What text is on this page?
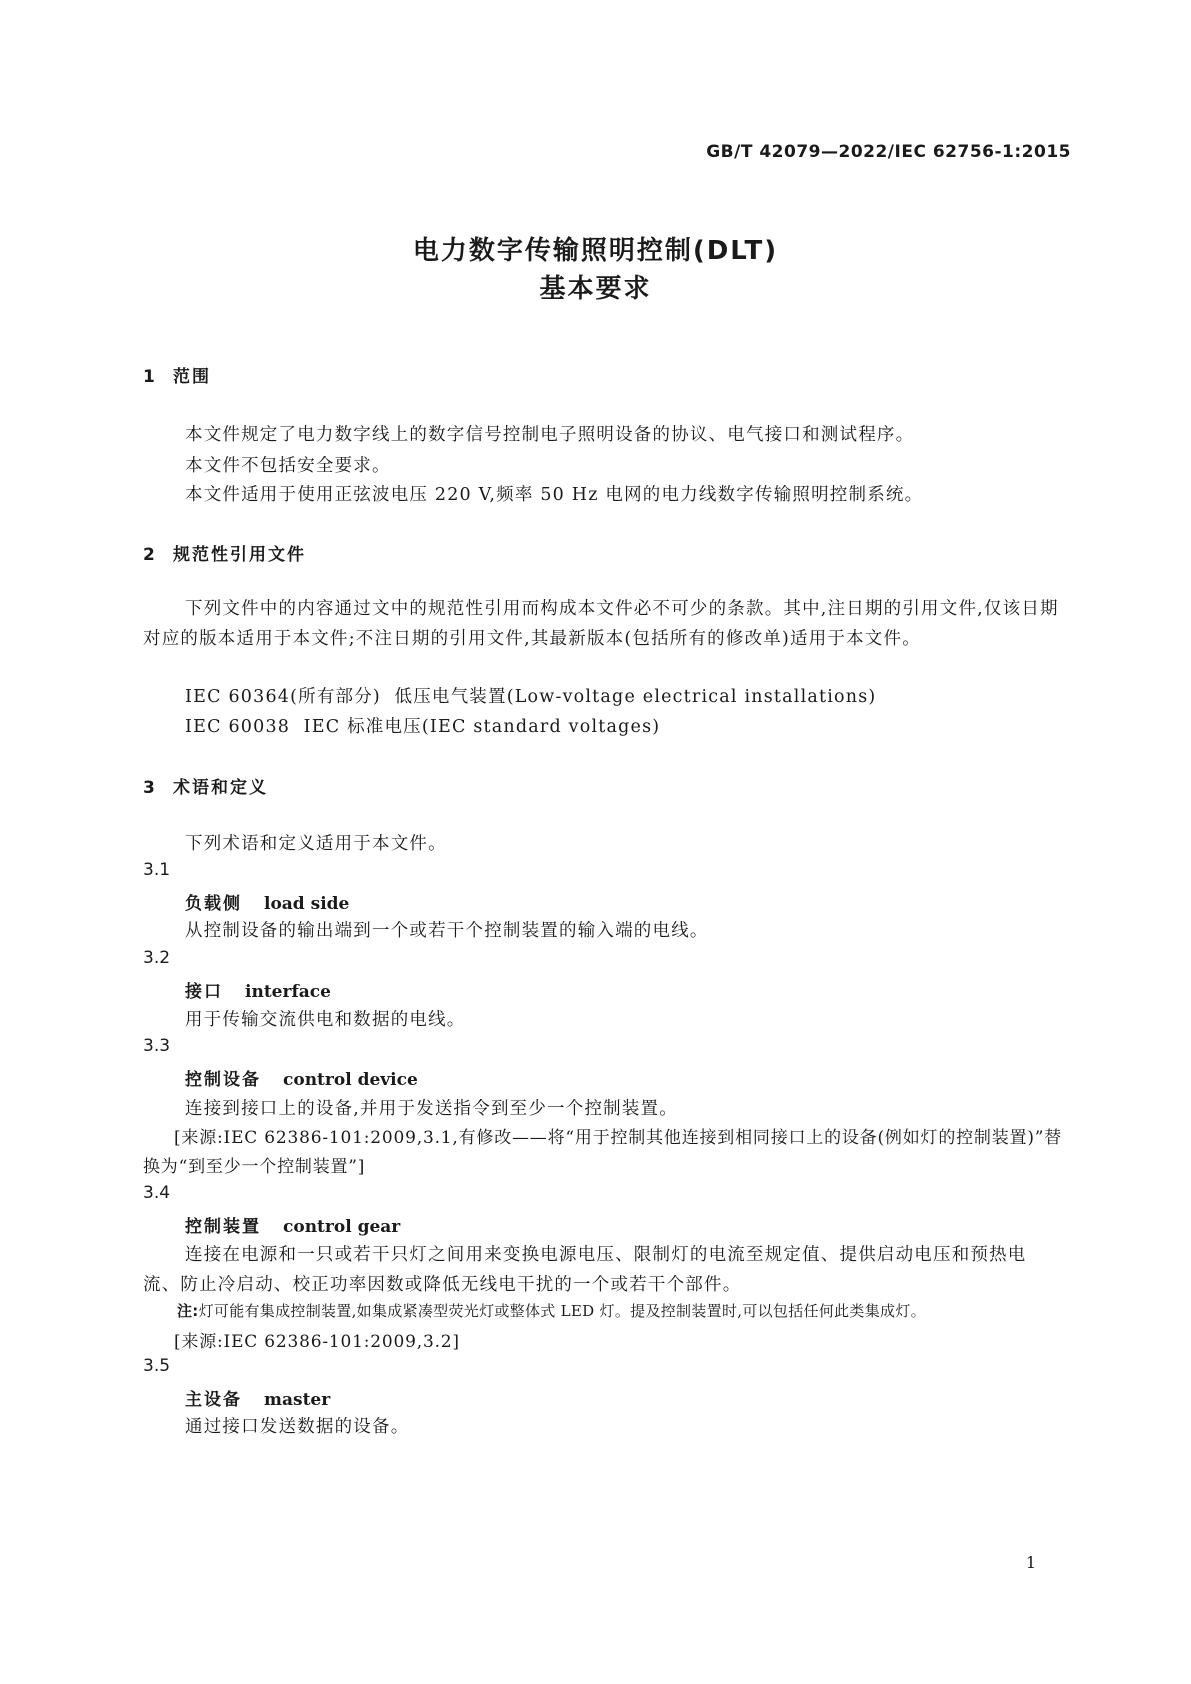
GB/T 42079—2022/IEC 62756-1:2015
电力数字传输照明控制(DLT)
基本要求
1 范围
本文件规定了电力数字线上的数字信号控制电子照明设备的协议、电气接口和测试程序。
本文件不包括安全要求。
本文件适用于使用正弦波电压 220 V,频率 50 Hz 电网的电力线数字传输照明控制系统。
2 规范性引用文件
下列文件中的内容通过文中的规范性引用而构成本文件必不可少的条款。其中,注日期的引用文件,仅该日期对应的版本适用于本文件;不注日期的引用文件,其最新版本(包括所有的修改单)适用于本文件。
IEC 60364(所有部分)  低压电气装置(Low-voltage electrical installations)
IEC 60038  IEC 标准电压(IEC standard voltages)
3 术语和定义
下列术语和定义适用于本文件。
3.1
负载侧 load side
从控制设备的输出端到一个或若干个控制装置的输入端的电线。
3.2
接口 interface
用于传输交流供电和数据的电线。
3.3
控制设备 control device
连接到接口上的设备,并用于发送指令到至少一个控制装置。
[来源:IEC 62386-101:2009,3.1,有修改——将“用于控制其他连接到相同接口上的设备(例如灯的控制装置)”替换为“到至少一个控制装置”]
3.4
控制装置 control gear
连接在电源和一只或若干只灯之间用来变换电源电压、限制灯的电流至规定值、提供启动电压和预热电流、防止冷启动、校正功率因数或降低无线电干扰的一个或若干个部件。
注:灯可能有集成控制装置,如集成紧凑型荧光灯或整体式 LED 灯。提及控制装置时,可以包括任何此类集成灯。
[来源:IEC 62386-101:2009,3.2]
3.5
主设备 master
通过接口发送数据的设备。
1
